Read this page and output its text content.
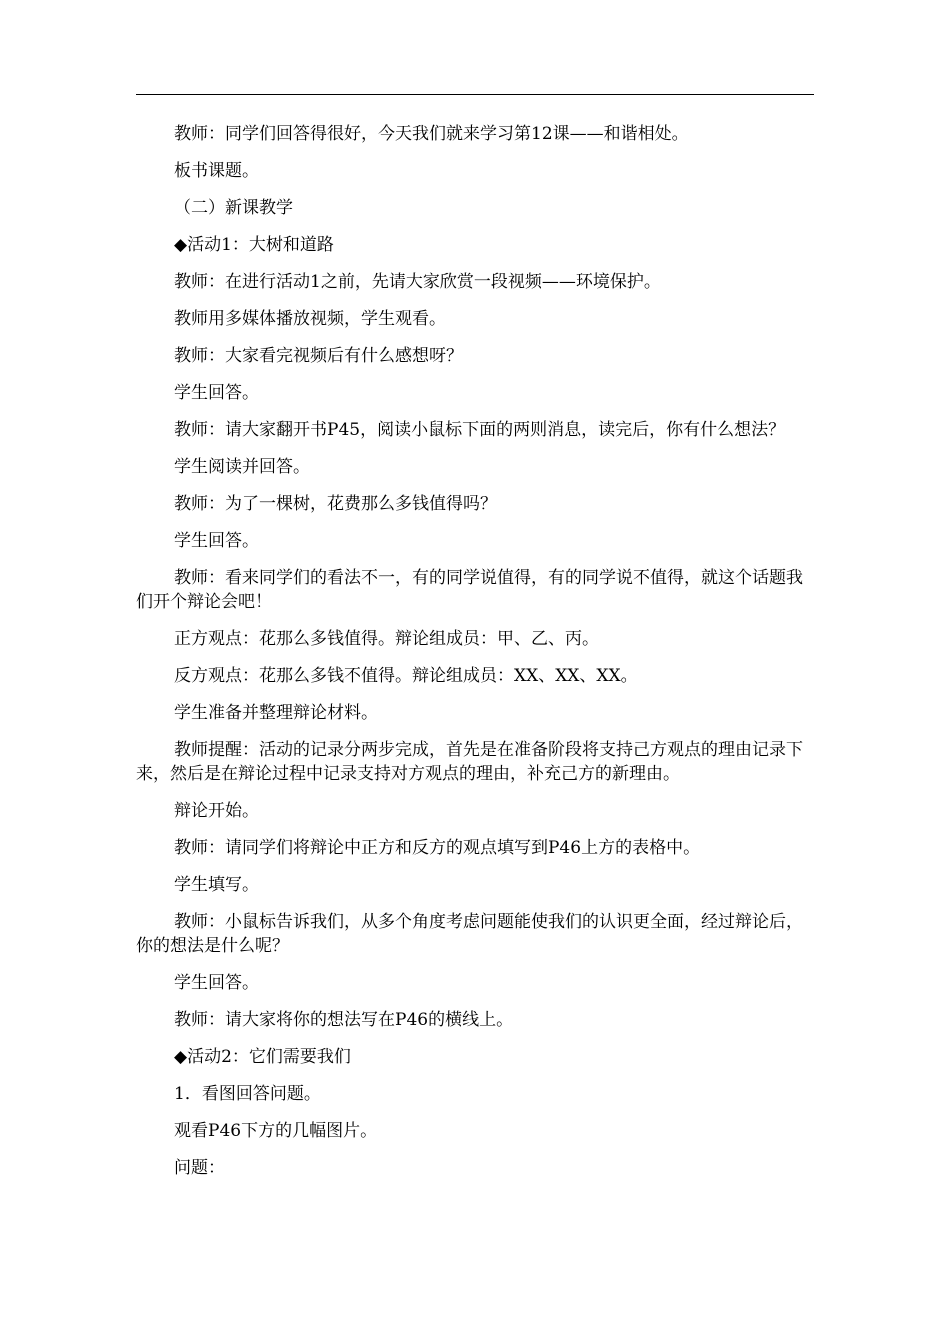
教师：同学们回答得很好，今天我们就来学习第12课——和谐相处。

板书课题。

（二）新课教学

◆活动1：大树和道路

教师：在进行活动1之前，先请大家欣赏一段视频——环境保护。

教师用多媒体播放视频，学生观看。

教师：大家看完视频后有什么感想呀？

学生回答。

教师：请大家翻开书P45，阅读小鼠标下面的两则消息，读完后，你有什么想法？

学生阅读并回答。

教师：为了一棵树，花费那么多钱值得吗？

学生回答。

教师：看来同学们的看法不一，有的同学说值得，有的同学说不值得，就这个话题我们开个辩论会吧！

正方观点：花那么多钱值得。辩论组成员：甲、乙、丙。

反方观点：花那么多钱不值得。辩论组成员：XX、XX、XX。

学生准备并整理辩论材料。

教师提醒：活动的记录分两步完成，首先是在准备阶段将支持己方观点的理由记录下来，然后是在辩论过程中记录支持对方观点的理由，补充己方的新理由。

辩论开始。

教师：请同学们将辩论中正方和反方的观点填写到P46上方的表格中。

学生填写。

教师：小鼠标告诉我们，从多个角度考虑问题能使我们的认识更全面，经过辩论后，你的想法是什么呢？

学生回答。

教师：请大家将你的想法写在P46的横线上。

◆活动2：它们需要我们

1．看图回答问题。

观看P46下方的几幅图片。

问题：
